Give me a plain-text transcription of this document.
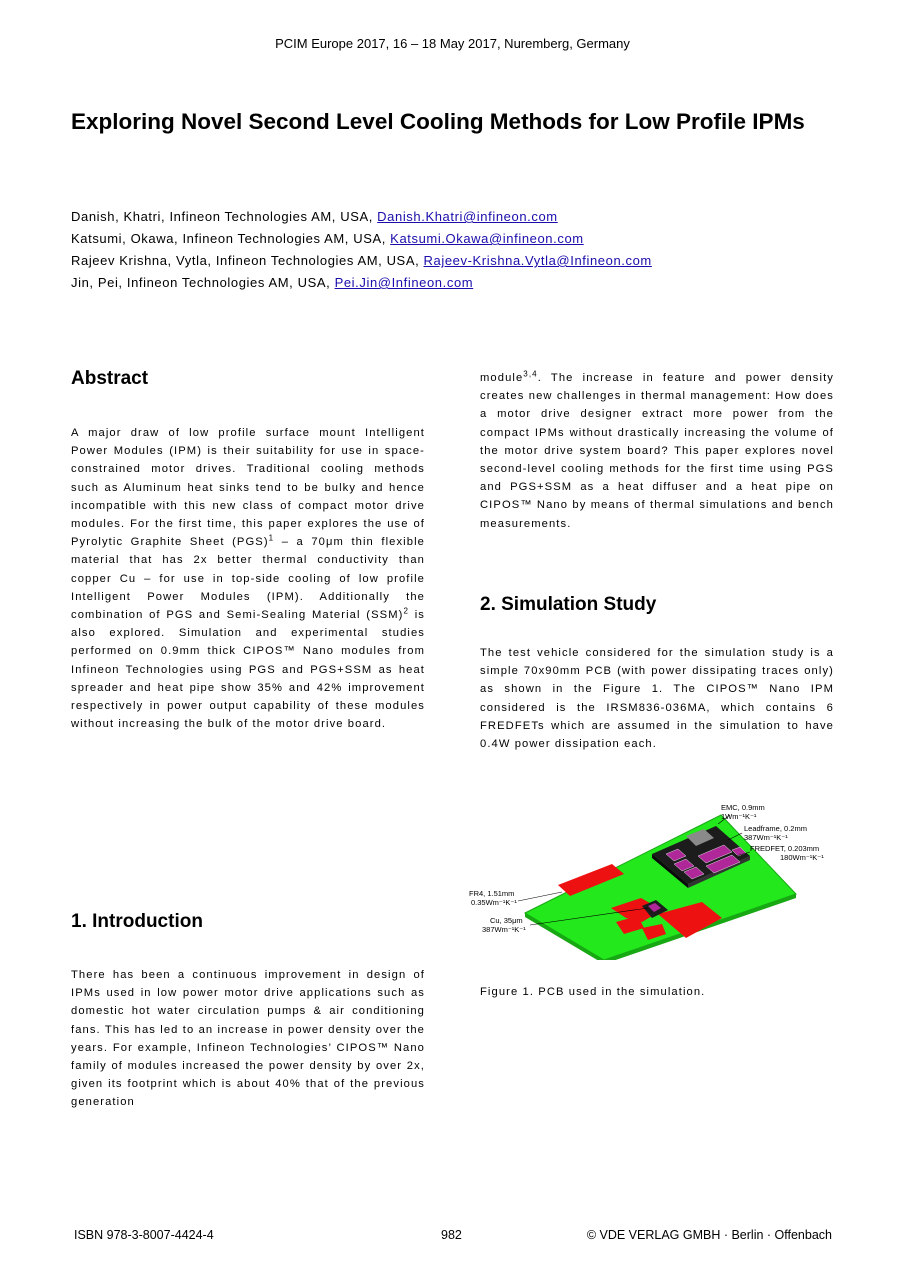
PCIM Europe 2017, 16 – 18 May 2017, Nuremberg, Germany
Exploring Novel Second Level Cooling Methods for Low Profile IPMs
Danish, Khatri, Infineon Technologies AM, USA, Danish.Khatri@infineon.com
Katsumi, Okawa, Infineon Technologies AM, USA, Katsumi.Okawa@infineon.com
Rajeev Krishna, Vytla, Infineon Technologies AM, USA, Rajeev-Krishna.Vytla@Infineon.com
Jin, Pei, Infineon Technologies AM, USA, Pei.Jin@Infineon.com
Abstract

A major draw of low profile surface mount Intelligent Power Modules (IPM) is their suitability for use in space-constrained motor drives. Traditional cooling methods such as Aluminum heat sinks tend to be bulky and hence incompatible with this new class of compact motor drive modules. For the first time, this paper explores the use of Pyrolytic Graphite Sheet (PGS)$^1$ – a 70μm thin flexible material that has 2x better thermal conductivity than copper Cu – for use in top-side cooling of low profile Intelligent Power Modules (IPM). Additionally the combination of PGS and Semi-Sealing Material (SSM)$^2$ is also explored. Simulation and experimental studies performed on 0.9mm thick CIPOS™ Nano modules from Infineon Technologies using PGS and PGS+SSM as heat spreader and heat pipe show 35% and 42% improvement respectively in power output capability of these modules without increasing the bulk of the motor drive board.

1. Introduction

There has been a continuous improvement in design of IPMs used in low power motor drive applications such as domestic hot water circulation pumps & air conditioning fans. This has led to an increase in power density over the years. For example, Infineon Technologies’ CIPOS™ Nano family of modules increased the power density by over 2x, given its footprint which is about 40% that of the previous generation

module$^{3,4}$. The increase in feature and power density creates new challenges in thermal management: How does a motor drive designer extract more power from the compact IPMs without drastically increasing the volume of the motor drive system board? This paper explores novel second-level cooling methods for the first time using PGS and PGS+SSM as a heat diffuser and a heat pipe on CIPOS™ Nano by means of thermal simulations and bench measurements.

2. Simulation Study

The test vehicle considered for the simulation study is a simple 70x90mm PCB (with power dissipating traces only) as shown in the Figure 1. The CIPOS™ Nano IPM considered is the IRSM836-036MA, which contains 6 FREDFETs which are assumed in the simulation to have 0.4W power dissipation each.

EMC, 0.9mm
1Wm⁻¹K⁻¹
Leadframe, 0.2mm
387Wm⁻¹K⁻¹
FREDFET, 0.203mm
180Wm⁻¹K⁻¹
FR4, 1.51mm
0.35Wm⁻¹K⁻¹
Cu, 35μm
387Wm⁻¹K⁻¹

Figure 1. PCB used in the simulation.

ISBN 978-3-8007-4424-4	982	© VDE VERLAG GMBH · Berlin · Offenbach
